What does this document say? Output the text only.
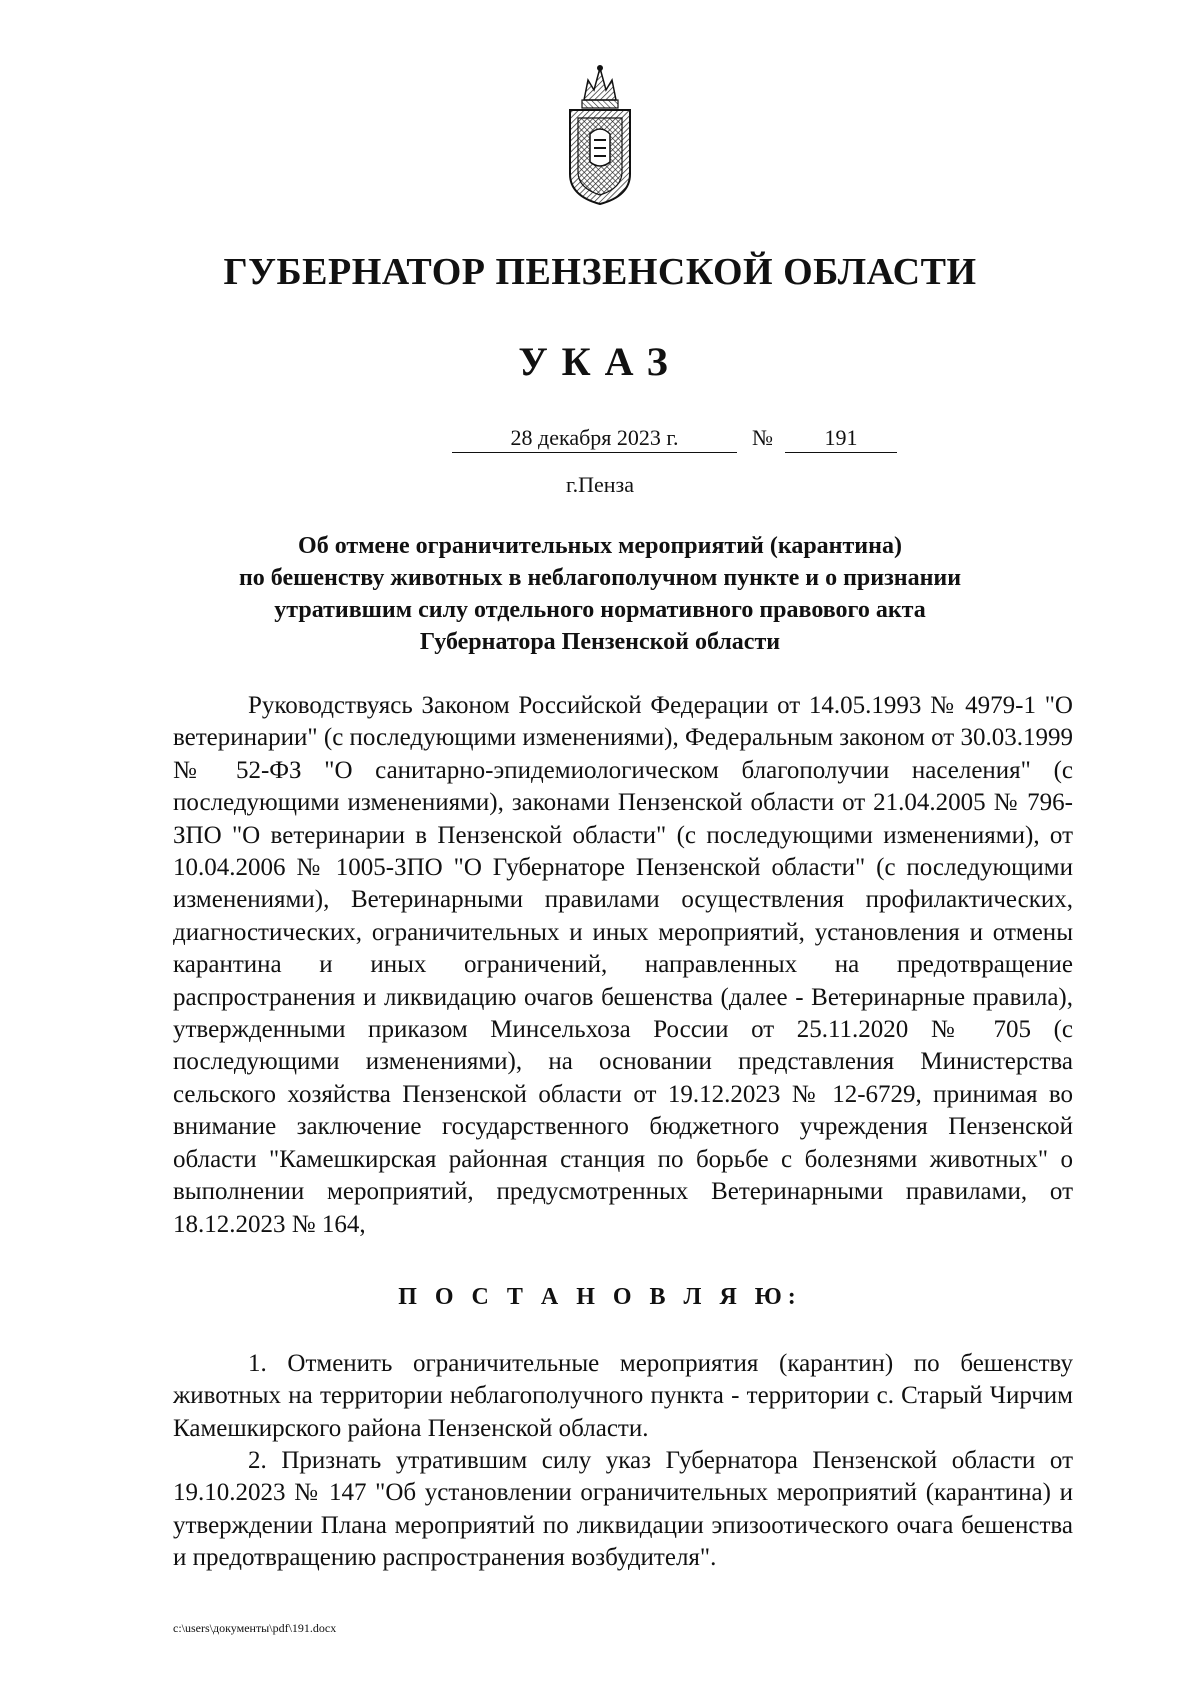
ГУБЕРНАТОР ПЕНЗЕНСКОЙ ОБЛАСТИ
УКАЗ
28 декабря 2023 г.	№	191
г.Пенза
Об отмене ограничительных мероприятий (карантина)
по бешенству животных в неблагополучном пункте и о признании
утратившим силу отдельного нормативного правового акта
Губернатора Пензенской области
Руководствуясь Законом Российской Федерации от 14.05.1993 № 4979-1 "О ветеринарии" (с последующими изменениями), Федеральным законом от 30.03.1999 № 52-ФЗ "О санитарно-эпидемиологическом благополучии населения" (с последующими изменениями), законами Пензенской области от 21.04.2005 № 796-ЗПО "О ветеринарии в Пензенской области" (с последующими изменениями), от 10.04.2006 № 1005-ЗПО "О Губернаторе Пензенской области" (с последующими изменениями), Ветеринарными правилами осуществления профилактических, диагностических, ограничительных и иных мероприятий, установления и отмены карантина и иных ограничений, направленных на предотвращение распространения и ликвидацию очагов бешенства (далее - Ветеринарные правила), утвержденными приказом Минсельхоза России от 25.11.2020 № 705 (с последующими изменениями), на основании представления Министерства сельского хозяйства Пензенской области от 19.12.2023 № 12-6729, принимая во внимание заключение государственного бюджетного учреждения Пензенской области "Камешкирская районная станция по борьбе с болезнями животных" о выполнении мероприятий, предусмотренных Ветеринарными правилами, от 18.12.2023 № 164,
П О С Т А Н О В Л Я Ю:
1. Отменить ограничительные мероприятия (карантин) по бешенству животных на территории неблагополучного пункта - территории с. Старый Чирчим Камешкирского района Пензенской области.
2. Признать утратившим силу указ Губернатора Пензенской области от 19.10.2023 № 147 "Об установлении ограничительных мероприятий (карантина) и утверждении Плана мероприятий по ликвидации эпизоотического очага бешенства и предотвращению распространения возбудителя".
c:\users\документы\pdf\191.docx
